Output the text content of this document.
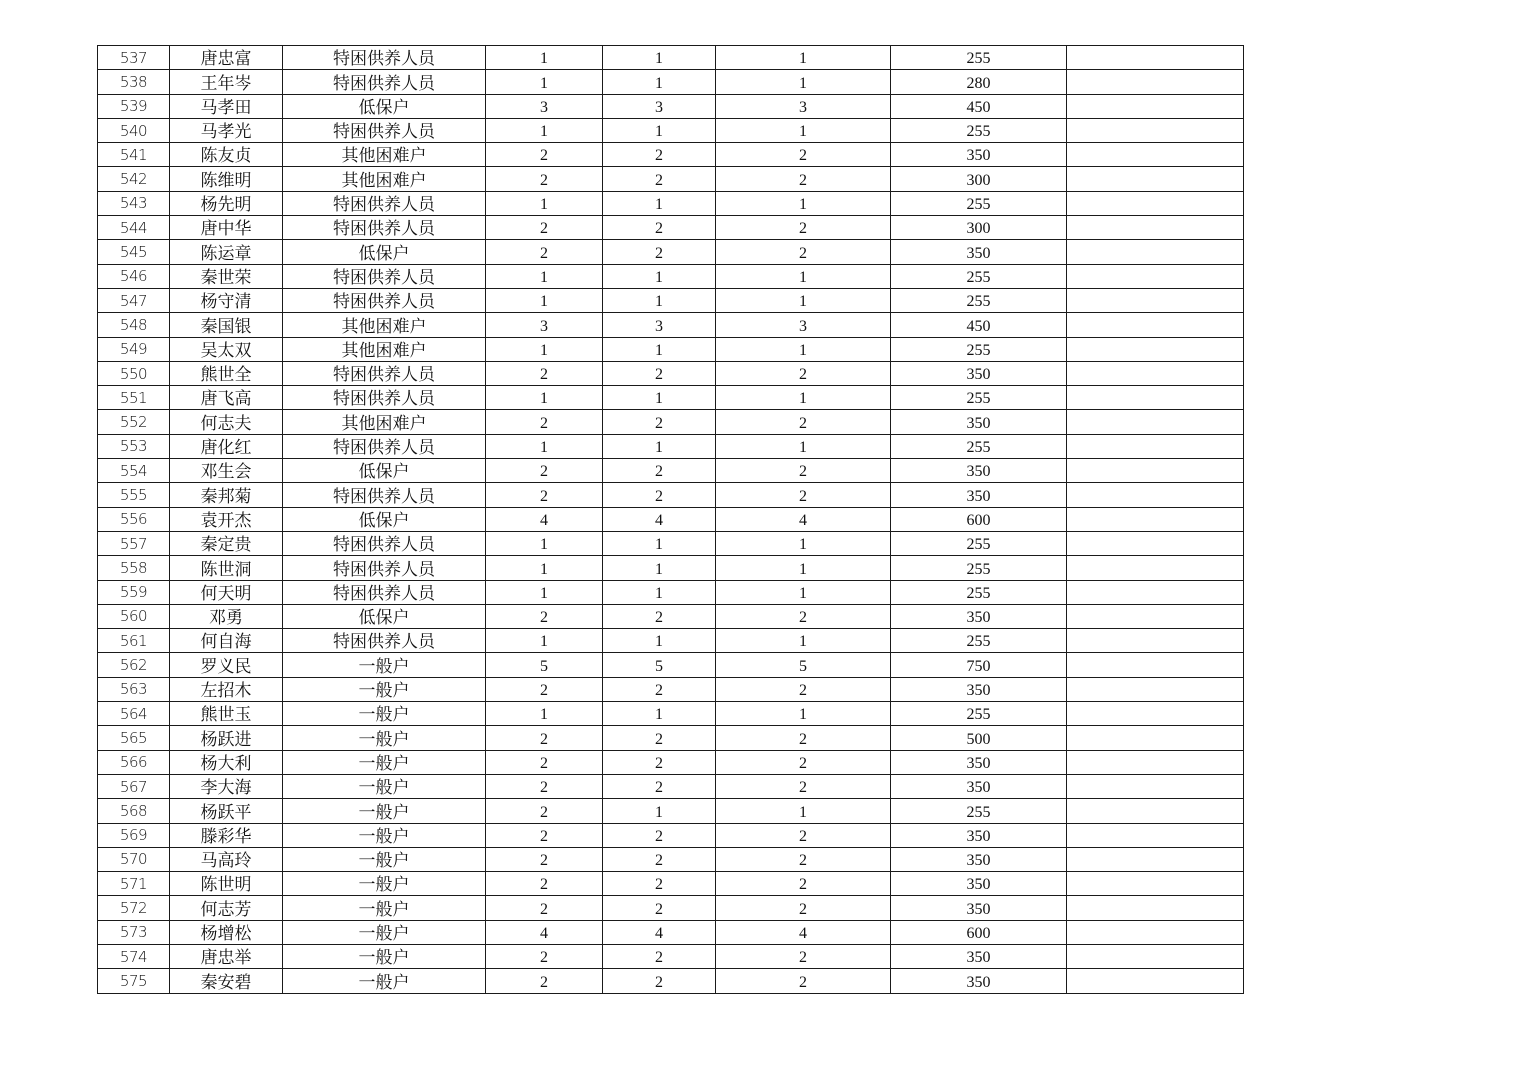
537	唐忠富	特困供养人员	1	1	1	255	
538	王年岑	特困供养人员	1	1	1	280	
539	马孝田	低保户	3	3	3	450	
540	马孝光	特困供养人员	1	1	1	255	
541	陈友贞	其他困难户	2	2	2	350	
542	陈维明	其他困难户	2	2	2	300	
543	杨先明	特困供养人员	1	1	1	255	
544	唐中华	特困供养人员	2	2	2	300	
545	陈运章	低保户	2	2	2	350	
546	秦世荣	特困供养人员	1	1	1	255	
547	杨守清	特困供养人员	1	1	1	255	
548	秦国银	其他困难户	3	3	3	450	
549	吴太双	其他困难户	1	1	1	255	
550	熊世全	特困供养人员	2	2	2	350	
551	唐飞高	特困供养人员	1	1	1	255	
552	何志夫	其他困难户	2	2	2	350	
553	唐化红	特困供养人员	1	1	1	255	
554	邓生会	低保户	2	2	2	350	
555	秦邦菊	特困供养人员	2	2	2	350	
556	袁开杰	低保户	4	4	4	600	
557	秦定贵	特困供养人员	1	1	1	255	
558	陈世洞	特困供养人员	1	1	1	255	
559	何天明	特困供养人员	1	1	1	255	
560	邓勇	低保户	2	2	2	350	
561	何自海	特困供养人员	1	1	1	255	
562	罗义民	一般户	5	5	5	750	
563	左招木	一般户	2	2	2	350	
564	熊世玉	一般户	1	1	1	255	
565	杨跃进	一般户	2	2	2	500	
566	杨大利	一般户	2	2	2	350	
567	李大海	一般户	2	2	2	350	
568	杨跃平	一般户	2	1	1	255	
569	滕彩华	一般户	2	2	2	350	
570	马高玲	一般户	2	2	2	350	
571	陈世明	一般户	2	2	2	350	
572	何志芳	一般户	2	2	2	350	
573	杨增松	一般户	4	4	4	600	
574	唐忠举	一般户	2	2	2	350	
575	秦安碧	一般户	2	2	2	350	
